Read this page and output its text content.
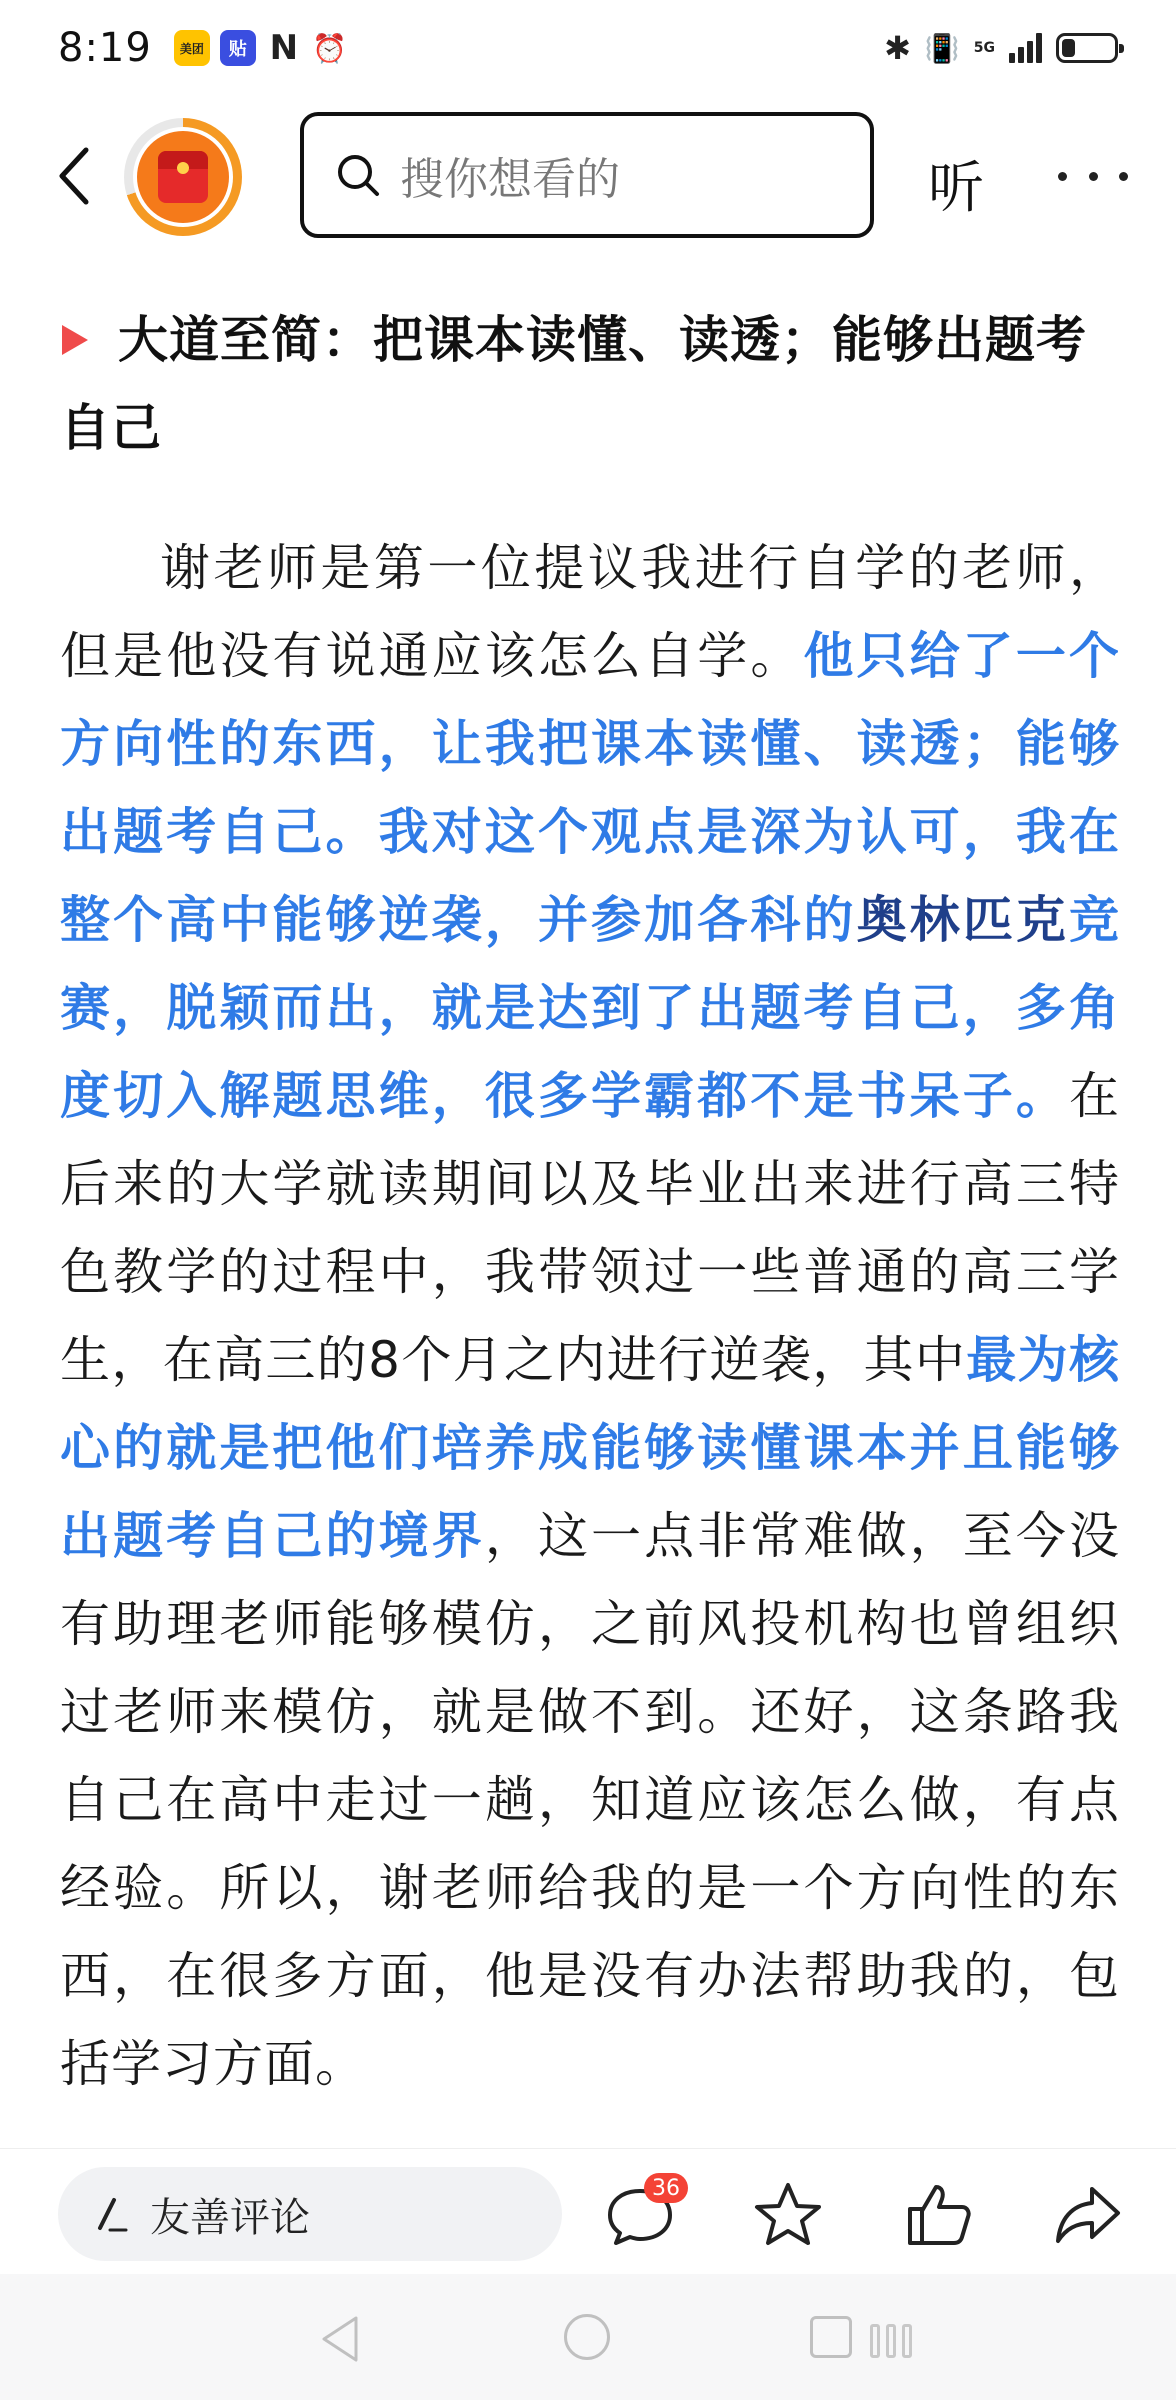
8:19	美团	贴 N ⏰	✱ 📳 5G
搜你想看的	听
大道至简：把课本读懂、读透；能够出题考自己

谢老师是第一位提议我进行自学的老师，但是他没有说通应该怎么自学。他只给了一个方向性的东西，让我把课本读懂、读透；能够出题考自己。我对这个观点是深为认可，我在整个高中能够逆袭，并参加各科的奥林匹克竞赛，脱颖而出，就是达到了出题考自己，多角度切入解题思维，很多学霸都不是书呆子。在后来的大学就读期间以及毕业出来进行高三特色教学的过程中，我带领过一些普通的高三学生，在高三的8个月之内进行逆袭，其中最为核心的就是把他们培养成能够读懂课本并且能够出题考自己的境界，这一点非常难做，至今没有助理老师能够模仿，之前风投机构也曾组织过老师来模仿，就是做不到。还好，这条路我自己在高中走过一趟，知道应该怎么做，有点经验。所以，谢老师给我的是一个方向性的东西，在很多方面，他是没有办法帮助我的，包括学习方面。

友善评论
36
